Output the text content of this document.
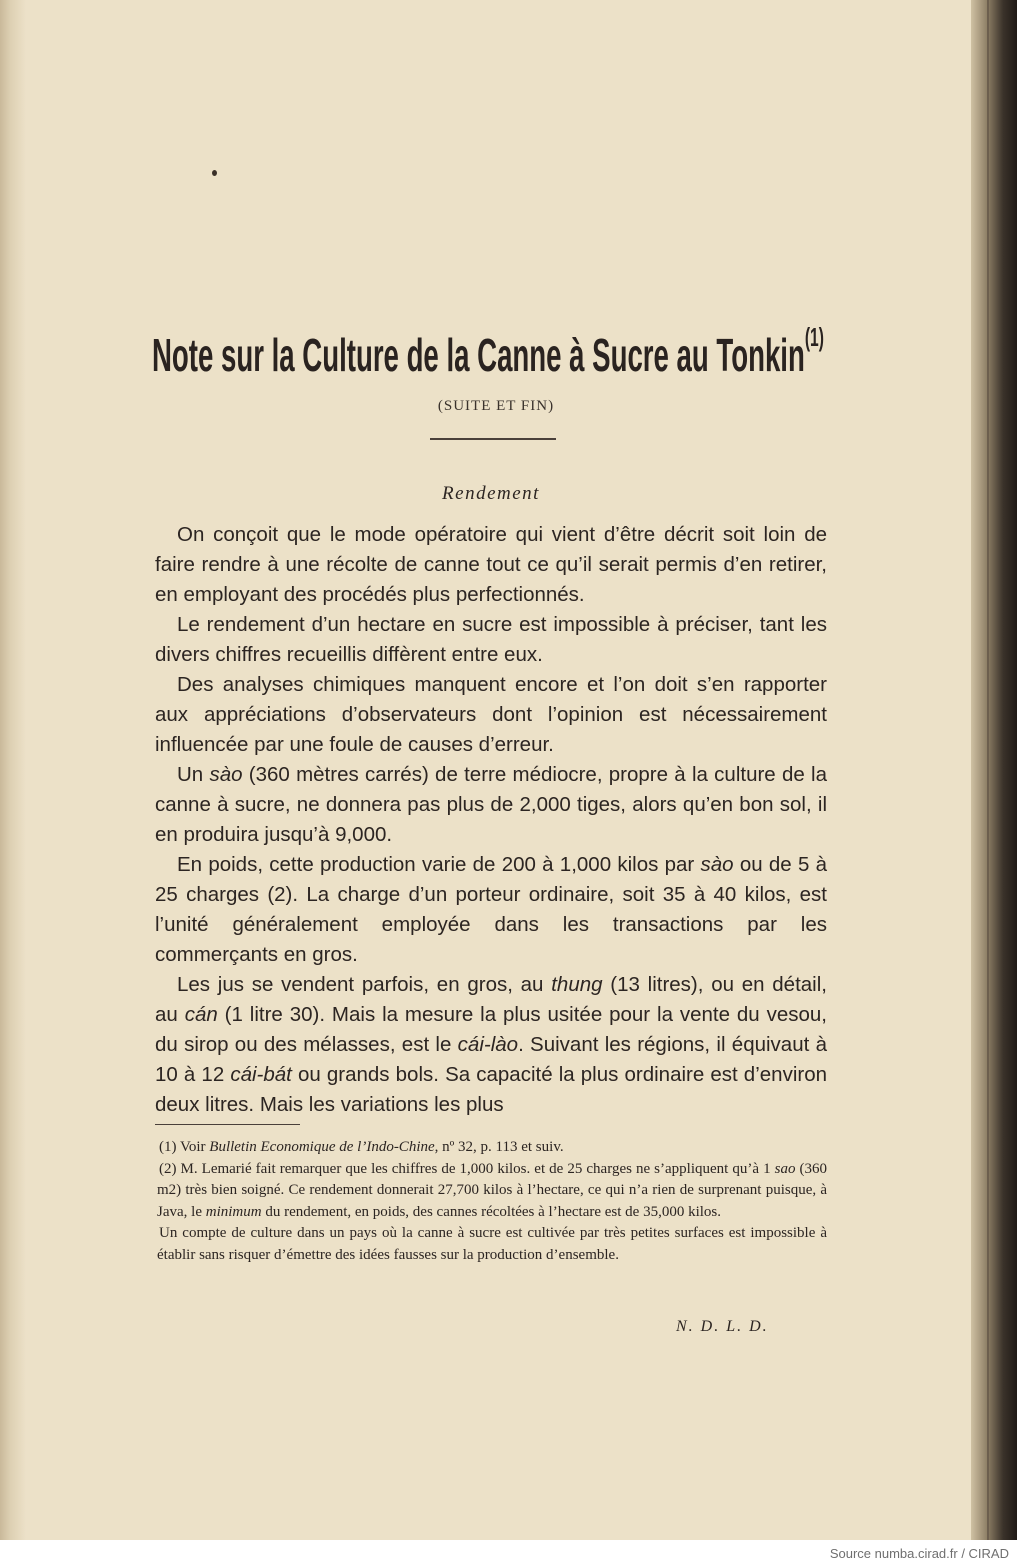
Note sur la Culture de la Canne à Sucre au Tonkin$^{(1)}$
(SUITE ET FIN)
Rendement

On conçoit que le mode opératoire qui vient d’être décrit soit loin de faire rendre à une récolte de canne tout ce qu’il serait permis d’en retirer, en employant des procédés plus perfectionnés.

Le rendement d’un hectare en sucre est impossible à préciser, tant les divers chiffres recueillis diffèrent entre eux.

Des analyses chimiques manquent encore et l’on doit s’en rapporter aux appréciations d’observateurs dont l’opinion est nécessairement influencée par une foule de causes d’erreur.

Un sào (360 mètres carrés) de terre médiocre, propre à la culture de la canne à sucre, ne donnera pas plus de 2,000 tiges, alors qu’en bon sol, il en produira jusqu’à 9,000.

En poids, cette production varie de 200 à 1,000 kilos par sào ou de 5 à 25 charges (2). La charge d’un porteur ordinaire, soit 35 à 40 kilos, est l’unité généralement employée dans les transactions par les commerçants en gros.

Les jus se vendent parfois, en gros, au thung (13 litres), ou en détail, au cán (1 litre 30). Mais la mesure la plus usitée pour la vente du vesou, du sirop ou des mélasses, est le cái-lào. Suivant les régions, il équivaut à 10 à 12 cái-bát ou grands bols. Sa capacité la plus ordinaire est d’environ deux litres. Mais les variations les plus

(1) Voir Bulletin Economique de l’Indo-Chine, nº 32, p. 113 et suiv.

(2) M. Lemarié fait remarquer que les chiffres de 1,000 kilos. et de 25 charges ne s’appliquent qu’à 1 sao (360 m2) très bien soigné. Ce rendement donnerait 27,700 kilos à l’hectare, ce qui n’a rien de surprenant puisque, à Java, le minimum du rendement, en poids, des cannes récoltées à l’hectare est de 35,000 kilos.

Un compte de culture dans un pays où la canne à sucre est cultivée par très petites surfaces est impossible à établir sans risquer d’émettre des idées fausses sur la production d’ensemble.

N. D. L. D.
Source numba.cirad.fr / CIRAD
